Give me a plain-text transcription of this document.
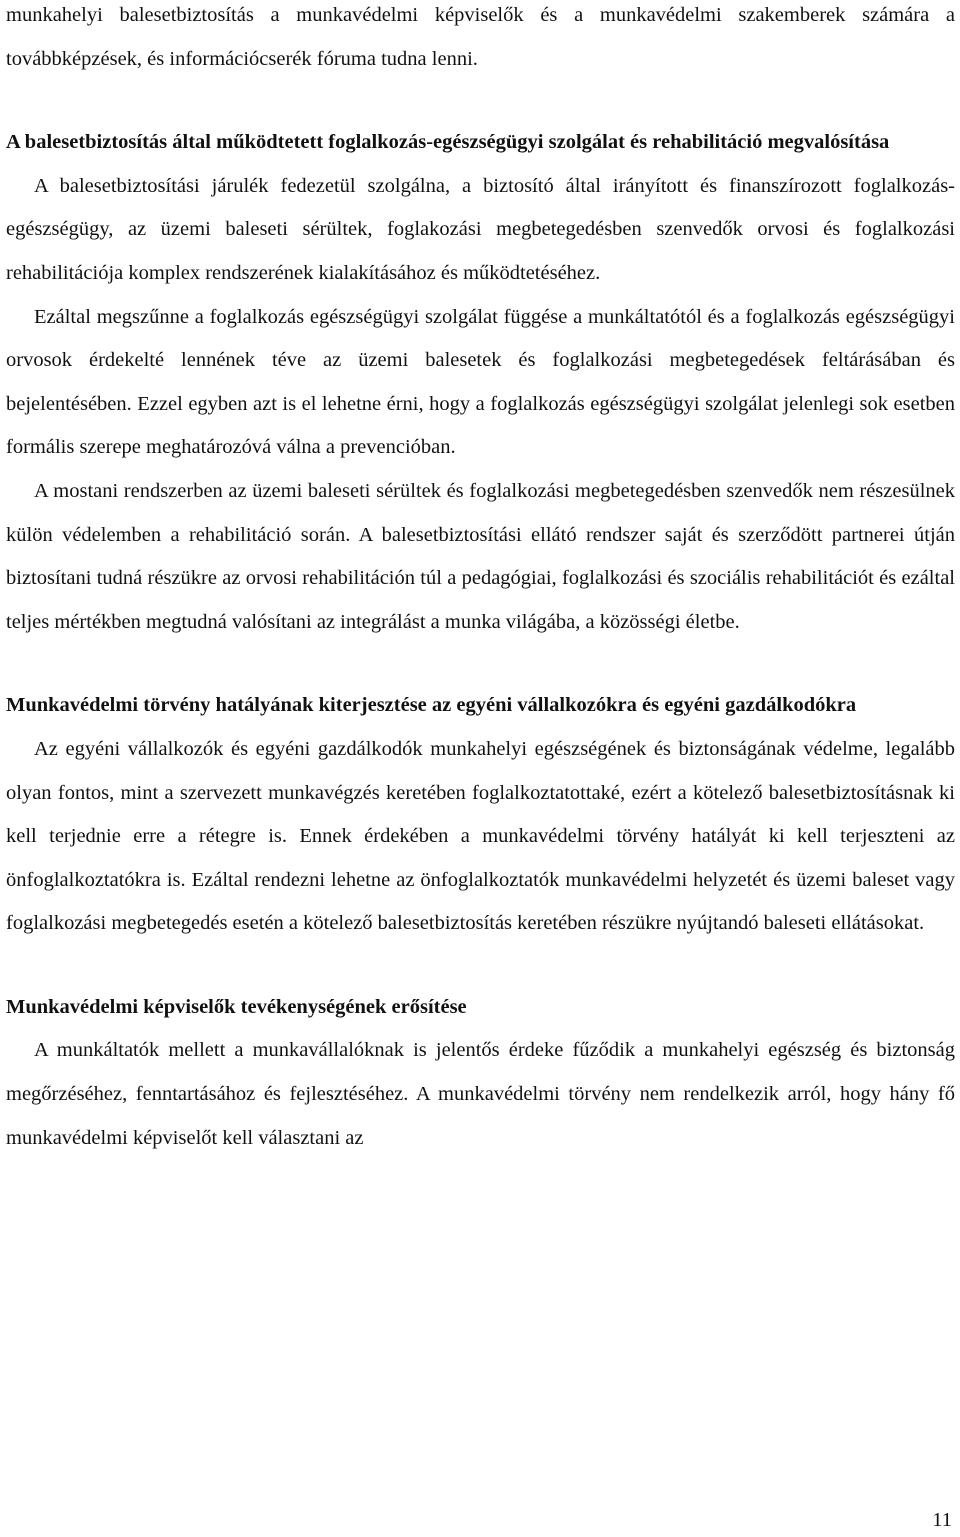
munkahelyi balesetbiztosítás a munkavédelmi képviselők és a munkavédelmi szakemberek számára a továbbképzések, és információcserék fóruma tudna lenni.

A balesetbiztosítás által működtetett foglalkozás-egészségügyi szolgálat és rehabilitáció megvalósítása

A balesetbiztosítási járulék fedezetül szolgálna, a biztosító által irányított és finanszírozott foglalkozás-egészségügy, az üzemi baleseti sérültek, foglakozási megbetegedésben szenvedők orvosi és foglalkozási rehabilitációja komplex rendszerének kialakításához és működtetéséhez.

Ezáltal megszűnne a foglalkozás egészségügyi szolgálat függése a munkáltatótól és a foglalkozás egészségügyi orvosok érdekelté lennének téve az üzemi balesetek és foglalkozási megbetegedések feltárásában és bejelentésében. Ezzel egyben azt is el lehetne érni, hogy a foglalkozás egészségügyi szolgálat jelenlegi sok esetben formális szerepe meghatározóvá válna a prevencióban.

A mostani rendszerben az üzemi baleseti sérültek és foglalkozási megbetegedésben szenvedők nem részesülnek külön védelemben a rehabilitáció során. A balesetbiztosítási ellátó rendszer saját és szerződött partnerei útján biztosítani tudná részükre az orvosi rehabilitáción túl a pedagógiai, foglalkozási és szociális rehabilitációt és ezáltal teljes mértékben megtudná valósítani az integrálást a munka világába, a közösségi életbe.

Munkavédelmi törvény hatályának kiterjesztése az egyéni vállalkozókra és egyéni gazdálkodókra

Az egyéni vállalkozók és egyéni gazdálkodók munkahelyi egészségének és biztonságának védelme, legalább olyan fontos, mint a szervezett munkavégzés keretében foglalkoztatottaké, ezért a kötelező balesetbiztosításnak ki kell terjednie erre a rétegre is. Ennek érdekében a munkavédelmi törvény hatályát ki kell terjeszteni az önfoglalkoztatókra is. Ezáltal rendezni lehetne az önfoglalkoztatók munkavédelmi helyzetét és üzemi baleset vagy foglalkozási megbetegedés esetén a kötelező balesetbiztosítás keretében részükre nyújtandó baleseti ellátásokat.

Munkavédelmi képviselők tevékenységének erősítése

A munkáltatók mellett a munkavállalóknak is jelentős érdeke fűződik a munkahelyi egészség és biztonság megőrzéséhez, fenntartásához és fejlesztéséhez. A munkavédelmi törvény nem rendelkezik arról, hogy hány fő munkavédelmi képviselőt kell választani az

11
